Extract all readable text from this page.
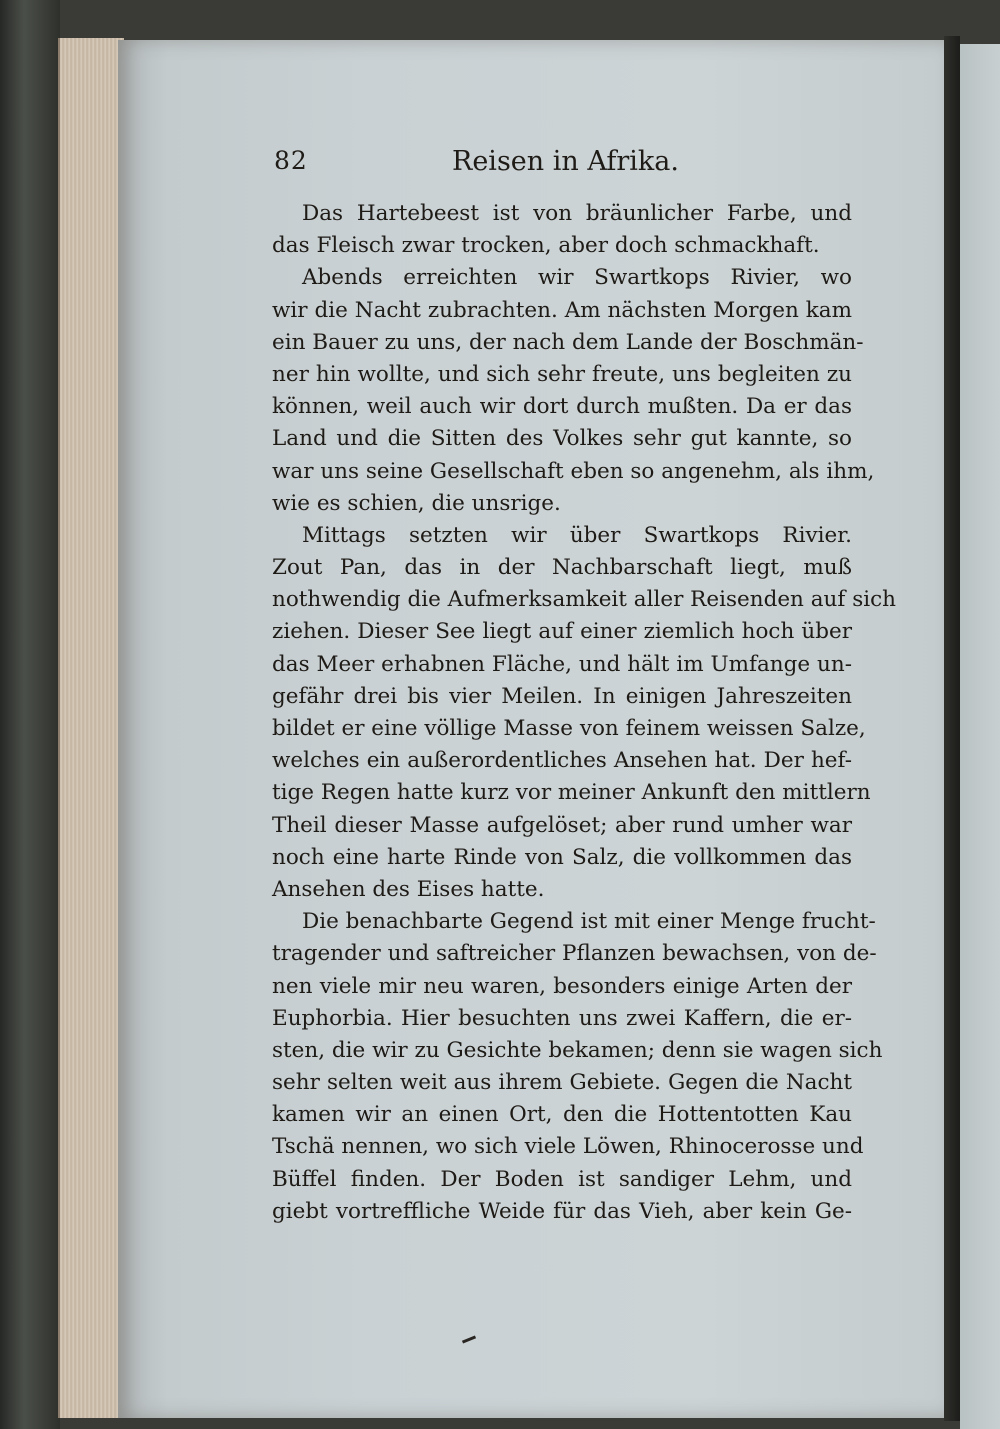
82	Reisen in Afrika.
Das Hartebeest ist von bräunlicher Farbe, und
das Fleisch zwar trocken, aber doch schmackhaft.
Abends erreichten wir Swartkops Rivier, wo
wir die Nacht zubrachten. Am nächsten Morgen kam
ein Bauer zu uns, der nach dem Lande der Boschmän-
ner hin wollte, und sich sehr freute, uns begleiten zu
können, weil auch wir dort durch mußten. Da er das
Land und die Sitten des Volkes sehr gut kannte, so
war uns seine Gesellschaft eben so angenehm, als ihm,
wie es schien, die unsrige.
Mittags setzten wir über Swartkops Rivier.
Zout Pan, das in der Nachbarschaft liegt, muß
nothwendig die Aufmerksamkeit aller Reisenden auf sich
ziehen. Dieser See liegt auf einer ziemlich hoch über
das Meer erhabnen Fläche, und hält im Umfange un-
gefähr drei bis vier Meilen. In einigen Jahreszeiten
bildet er eine völlige Masse von feinem weissen Salze,
welches ein außerordentliches Ansehen hat. Der hef-
tige Regen hatte kurz vor meiner Ankunft den mittlern
Theil dieser Masse aufgelöset; aber rund umher war
noch eine harte Rinde von Salz, die vollkommen das
Ansehen des Eises hatte.
Die benachbarte Gegend ist mit einer Menge frucht-
tragender und saftreicher Pflanzen bewachsen, von de-
nen viele mir neu waren, besonders einige Arten der
Euphorbia. Hier besuchten uns zwei Kaffern, die er-
sten, die wir zu Gesichte bekamen; denn sie wagen sich
sehr selten weit aus ihrem Gebiete. Gegen die Nacht
kamen wir an einen Ort, den die Hottentotten Kau
Tschä nennen, wo sich viele Löwen, Rhinocerosse und
Büffel finden. Der Boden ist sandiger Lehm, und
giebt vortreffliche Weide für das Vieh, aber kein Ge-
